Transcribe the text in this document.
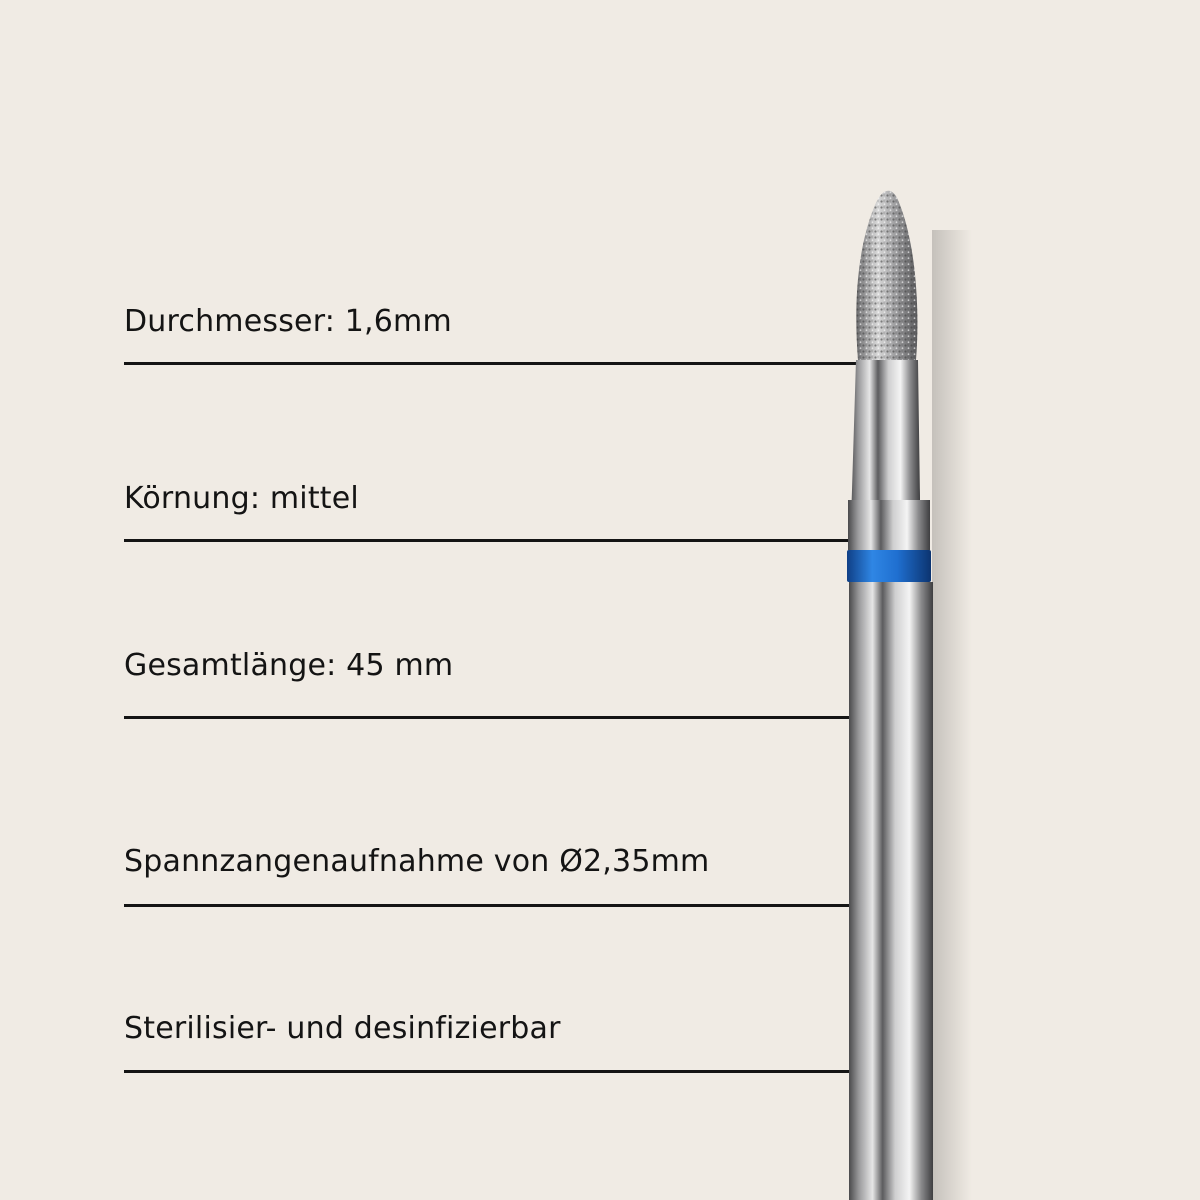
Durchmesser: 1,6mm

Körnung: mittel

Gesamtlänge: 45 mm

Spannzangenaufnahme von Ø2,35mm

Sterilisier- und desinfizierbar
